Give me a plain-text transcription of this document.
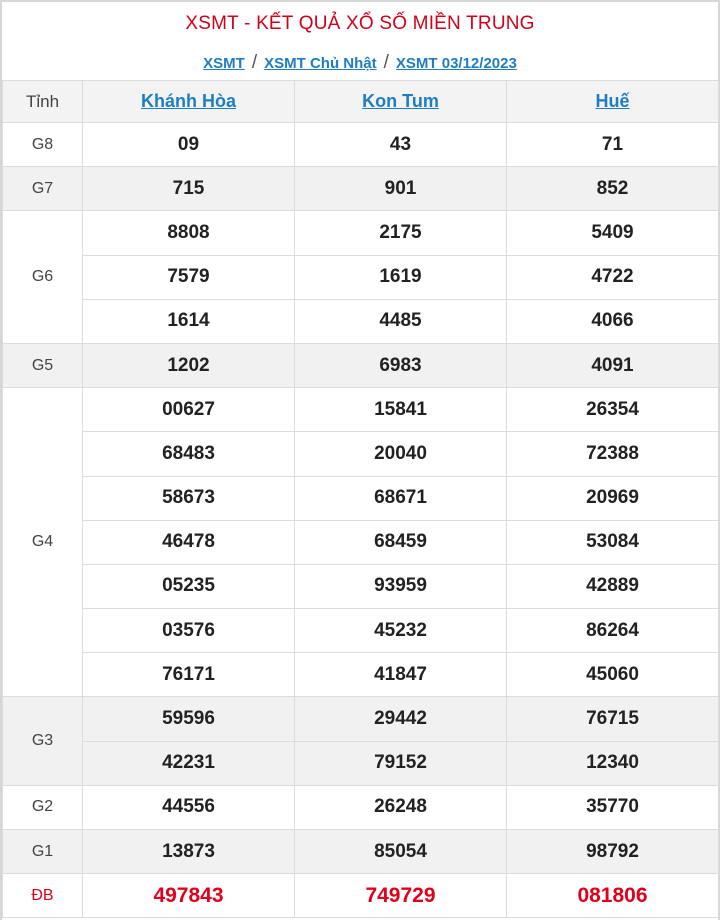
XSMT - KẾT QUẢ XỔ SỐ MIỀN TRUNG
XSMT / XSMT Chủ Nhật / XSMT 03/12/2023
Tỉnh	Khánh Hòa	Kon Tum	Huế
G8	09	43	71
G7	715	901	852
G6	8808	2175	5409
	7579	1619	4722
	1614	4485	4066
G5	1202	6983	4091
G4	00627	15841	26354
	68483	20040	72388
	58673	68671	20969
	46478	68459	53084
	05235	93959	42889
	03576	45232	86264
	76171	41847	45060
G3	59596	29442	76715
	42231	79152	12340
G2	44556	26248	35770
G1	13873	85054	98792
ĐB	497843	749729	081806
